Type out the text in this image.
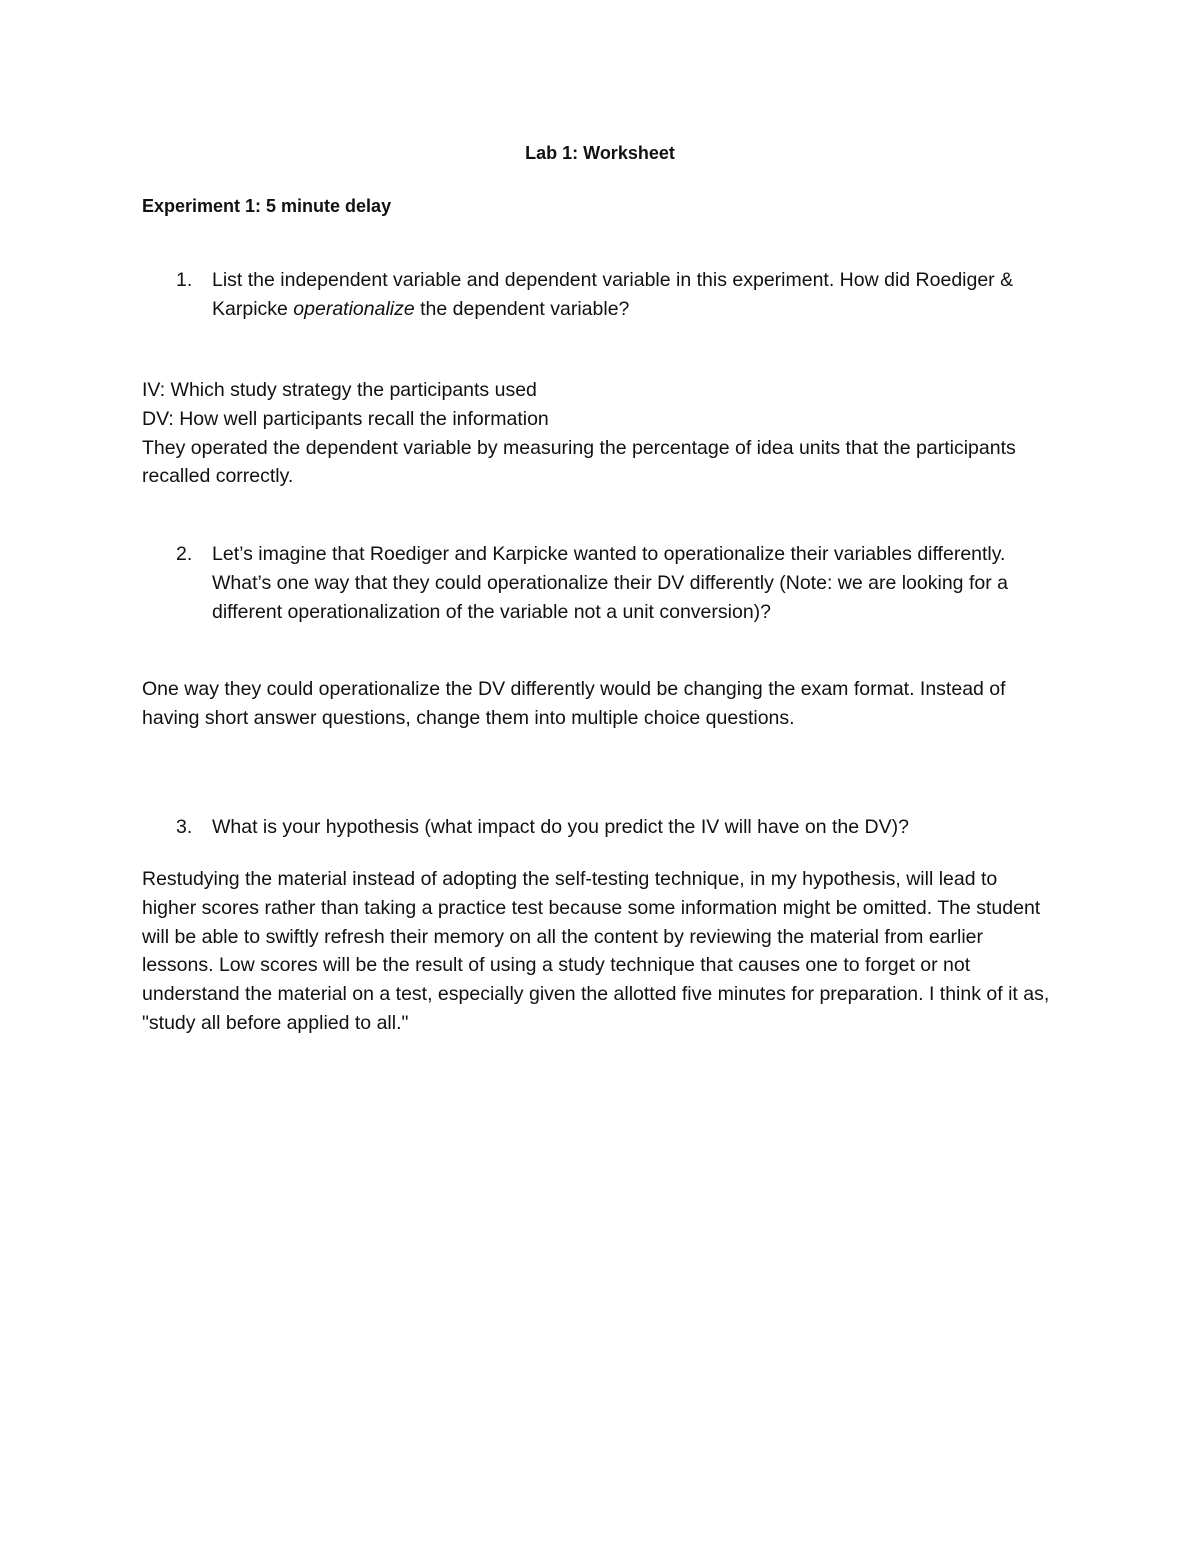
Lab 1: Worksheet
Experiment 1: 5 minute delay
1.	List the independent variable and dependent variable in this experiment. How did Roediger & Karpicke operationalize the dependent variable?

IV: Which study strategy the participants used

DV: How well participants recall the information

They operated the dependent variable by measuring the percentage of idea units that the participants recalled correctly.

2.	Let’s imagine that Roediger and Karpicke wanted to operationalize their variables differently. What’s one way that they could operationalize their DV differently (Note: we are looking for a different operationalization of the variable not a unit conversion)?

One way they could operationalize the DV differently would be changing the exam format. Instead of having short answer questions, change them into multiple choice questions.

3.	What is your hypothesis (what impact do you predict the IV will have on the DV)?

Restudying the material instead of adopting the self-testing technique, in my hypothesis, will lead to higher scores rather than taking a practice test because some information might be omitted. The student will be able to swiftly refresh their memory on all the content by reviewing the material from earlier lessons. Low scores will be the result of using a study technique that causes one to forget or not understand the material on a test, especially given the allotted five minutes for preparation. I think of it as, "study all before applied to all."
